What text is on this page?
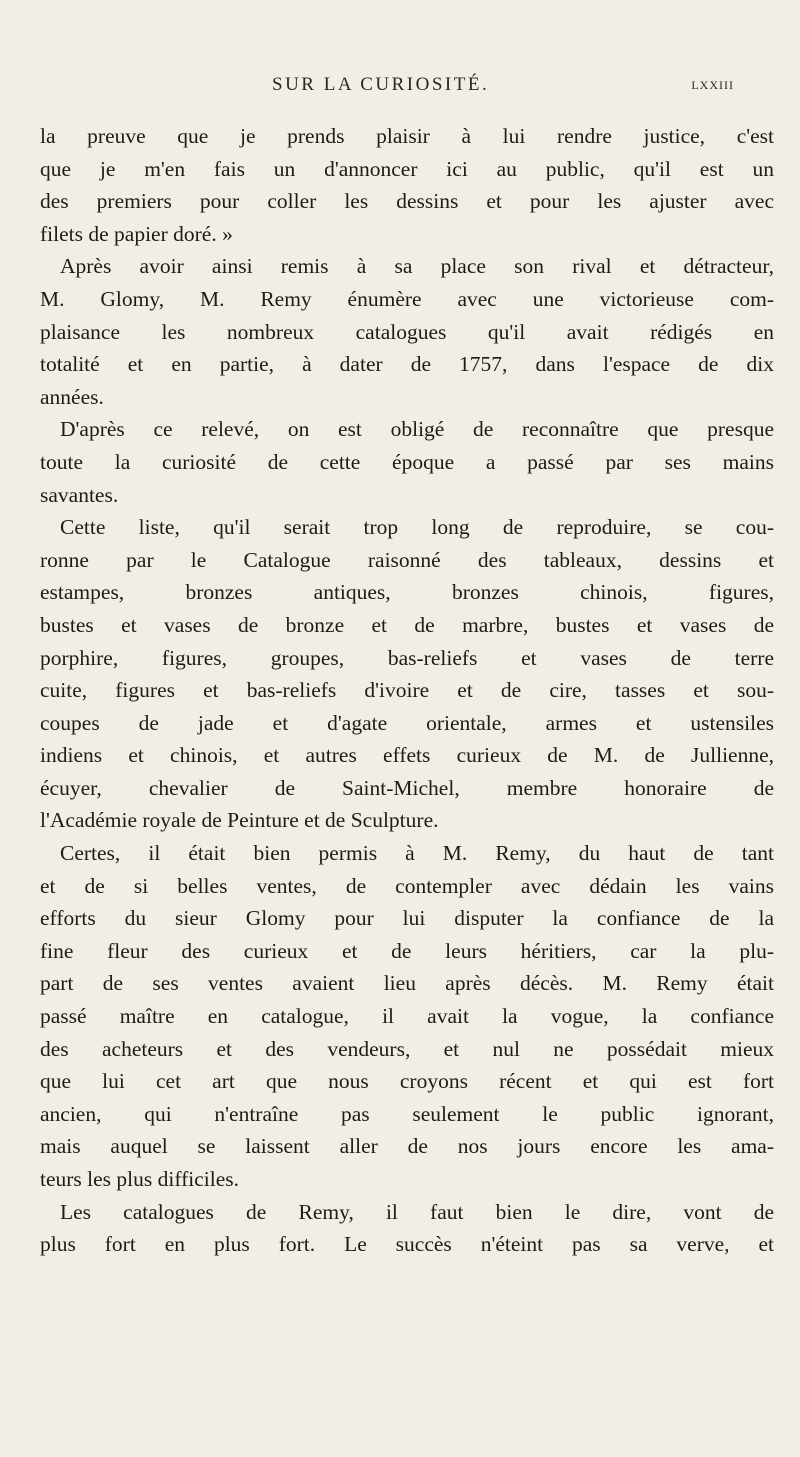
SUR LA CURIOSITÉ.	LXXIII
la preuve que je prends plaisir à lui rendre justice, c'est
que je m'en fais un d'annoncer ici au public, qu'il est un
des premiers pour coller les dessins et pour les ajuster avec
filets de papier doré. »
Après avoir ainsi remis à sa place son rival et détracteur,
M. Glomy, M. Remy énumère avec une victorieuse com-
plaisance les nombreux catalogues qu'il avait rédigés en
totalité et en partie, à dater de 1757, dans l'espace de dix
années.
D'après ce relevé, on est obligé de reconnaître que presque
toute la curiosité de cette époque a passé par ses mains
savantes.
Cette liste, qu'il serait trop long de reproduire, se cou-
ronne par le Catalogue raisonné des tableaux, dessins et
estampes, bronzes antiques, bronzes chinois, figures,
bustes et vases de bronze et de marbre, bustes et vases de
porphire, figures, groupes, bas-reliefs et vases de terre
cuite, figures et bas-reliefs d'ivoire et de cire, tasses et sou-
coupes de jade et d'agate orientale, armes et ustensiles
indiens et chinois, et autres effets curieux de M. de Jullienne,
écuyer, chevalier de Saint-Michel, membre honoraire de
l'Académie royale de Peinture et de Sculpture.
Certes, il était bien permis à M. Remy, du haut de tant
et de si belles ventes, de contempler avec dédain les vains
efforts du sieur Glomy pour lui disputer la confiance de la
fine fleur des curieux et de leurs héritiers, car la plu-
part de ses ventes avaient lieu après décès. M. Remy était
passé maître en catalogue, il avait la vogue, la confiance
des acheteurs et des vendeurs, et nul ne possédait mieux
que lui cet art que nous croyons récent et qui est fort
ancien, qui n'entraîne pas seulement le public ignorant,
mais auquel se laissent aller de nos jours encore les ama-
teurs les plus difficiles.
Les catalogues de Remy, il faut bien le dire, vont de
plus fort en plus fort. Le succès n'éteint pas sa verve, et
